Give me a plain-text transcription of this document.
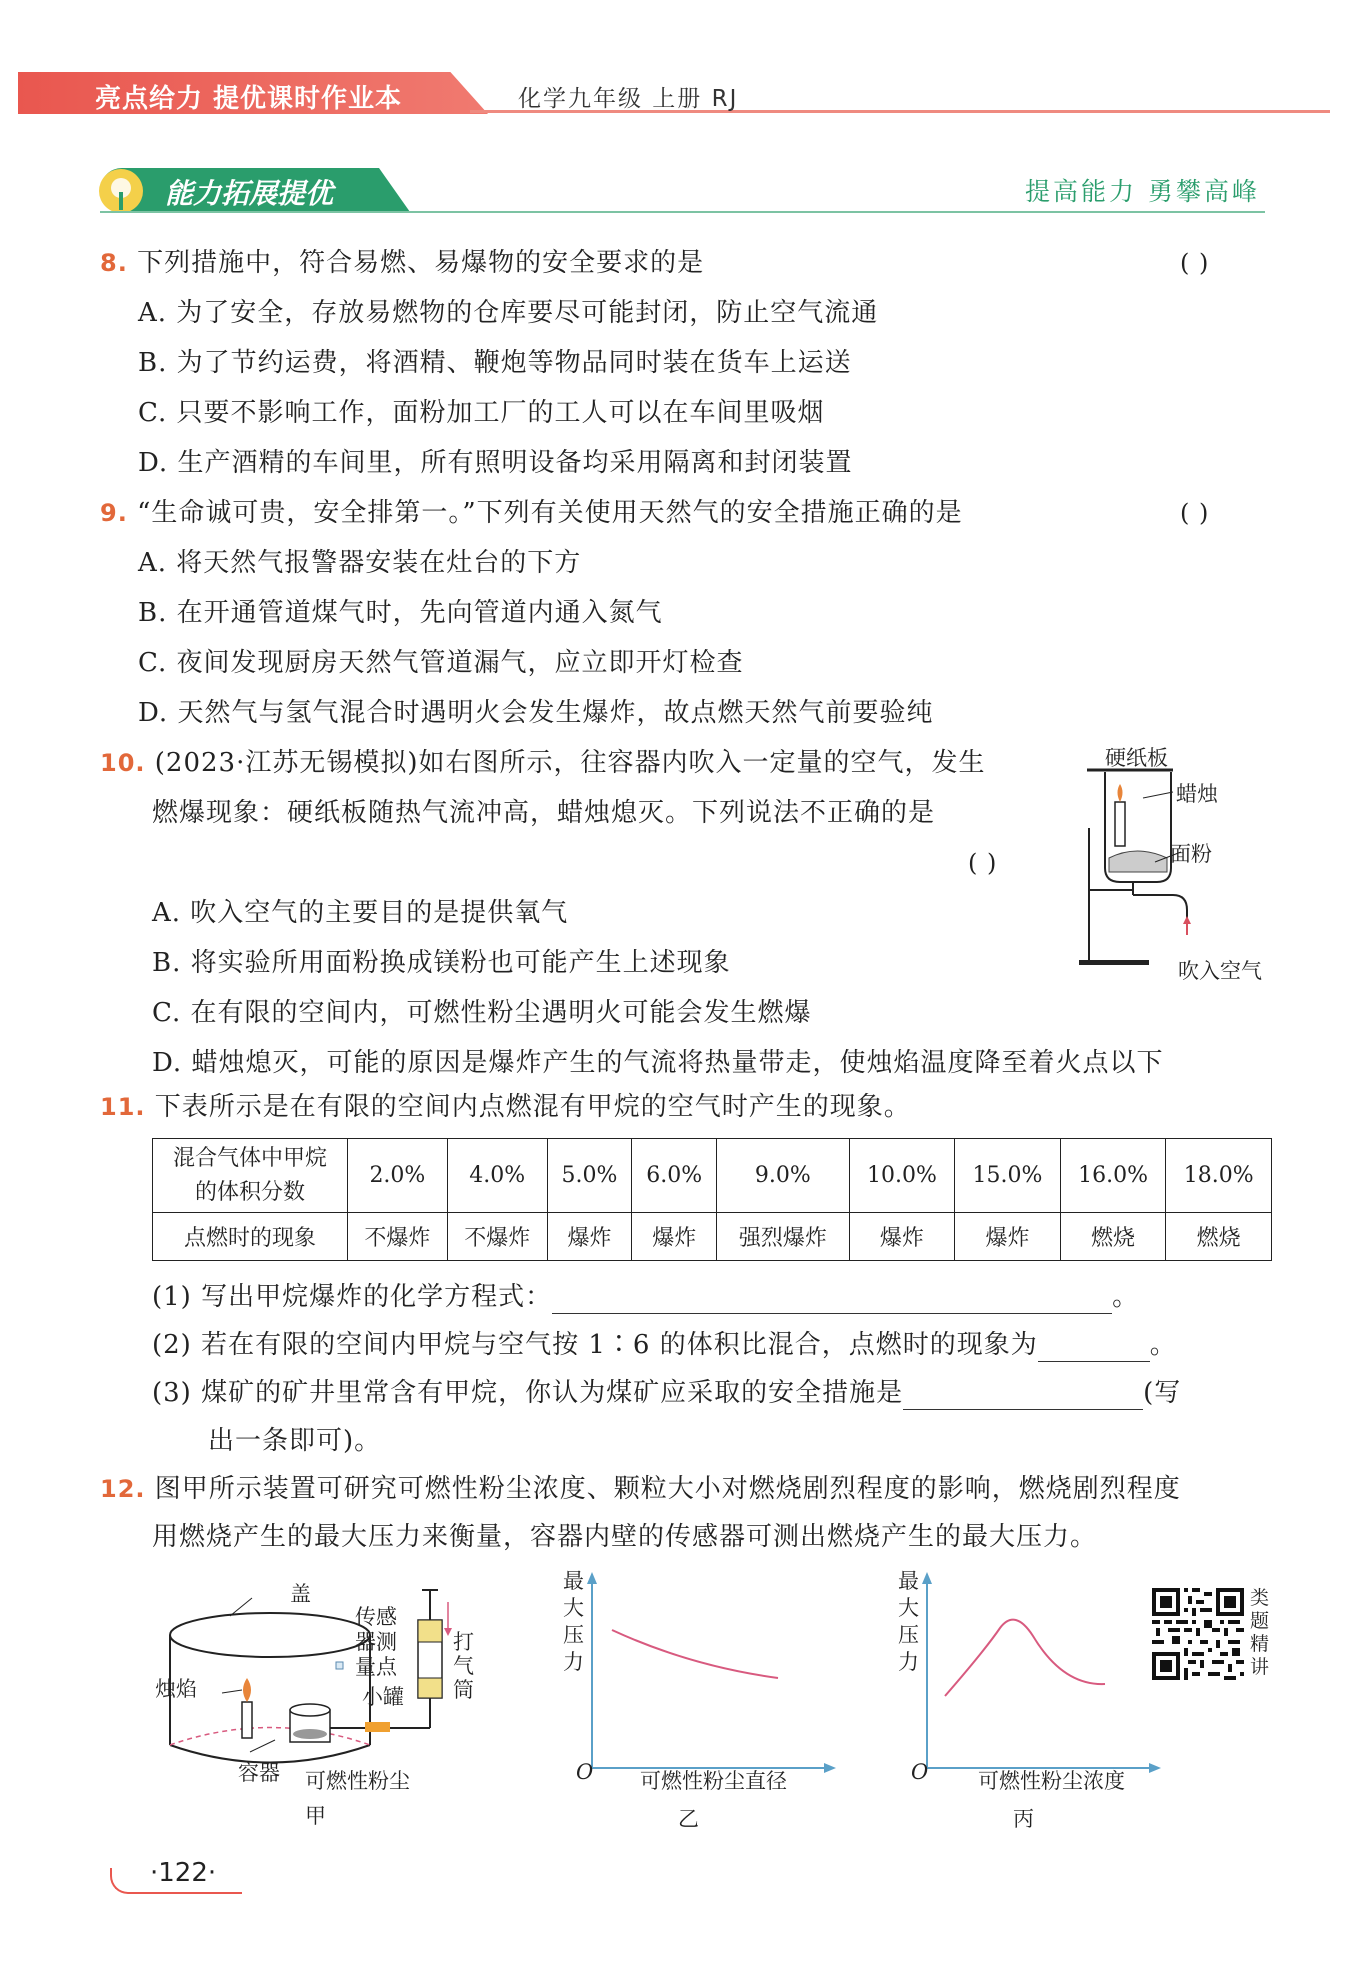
亮点给力 提优课时作业本	化学九年级 上册 RJ
能力拓展提优	提高能力 勇攀高峰
8. 下列措施中，符合易燃、易爆物的安全要求的是	( )
A. 为了安全，存放易燃物的仓库要尽可能封闭，防止空气流通
B. 为了节约运费，将酒精、鞭炮等物品同时装在货车上运送
C. 只要不影响工作，面粉加工厂的工人可以在车间里吸烟
D. 生产酒精的车间里，所有照明设备均采用隔离和封闭装置
9. “生命诚可贵，安全排第一。”下列有关使用天然气的安全措施正确的是	( )
A. 将天然气报警器安装在灶台的下方
B. 在开通管道煤气时，先向管道内通入氮气
C. 夜间发现厨房天然气管道漏气，应立即开灯检查
D. 天然气与氢气混合时遇明火会发生爆炸，故点燃天然气前要验纯
10. (2023·江苏无锡模拟)如右图所示，往容器内吹入一定量的空气，发生
燃爆现象：硬纸板随热气流冲高，蜡烛熄灭。下列说法不正确的是
( )
A. 吹入空气的主要目的是提供氧气
B. 将实验所用面粉换成镁粉也可能产生上述现象
C. 在有限的空间内，可燃性粉尘遇明火可能会发生燃爆
D. 蜡烛熄灭，可能的原因是爆炸产生的气流将热量带走，使烛焰温度降至着火点以下
硬纸板
蜡烛
面粉
吹入空气
11. 下表所示是在有限的空间内点燃混有甲烷的空气时产生的现象。
混合气体中甲烷
的体积分数	2.0%	4.0%	5.0%	6.0%	9.0%	10.0%	15.0%	16.0%	18.0%
点燃时的现象	不爆炸	不爆炸	爆炸	爆炸	强烈爆炸	爆炸	爆炸	燃烧	燃烧
(1) 写出甲烷爆炸的化学方程式：	。
(2) 若在有限的空间内甲烷与空气按 1∶6 的体积比混合，点燃时的现象为	。
(3) 煤矿的矿井里常含有甲烷，你认为煤矿应采取的安全措施是	(写
出一条即可)。
12. 图甲所示装置可研究可燃性粉尘浓度、颗粒大小对燃烧剧烈程度的影响，燃烧剧烈程度
用燃烧产生的最大压力来衡量，容器内壁的传感器可测出燃烧产生的最大压力。
盖
传感器测量点
小罐
打气筒
烛焰
容器 可燃性粉尘
甲
最大压力
O 可燃性粉尘直径
乙
最大压力
O 可燃性粉尘浓度
丙
类题精讲
·122·
